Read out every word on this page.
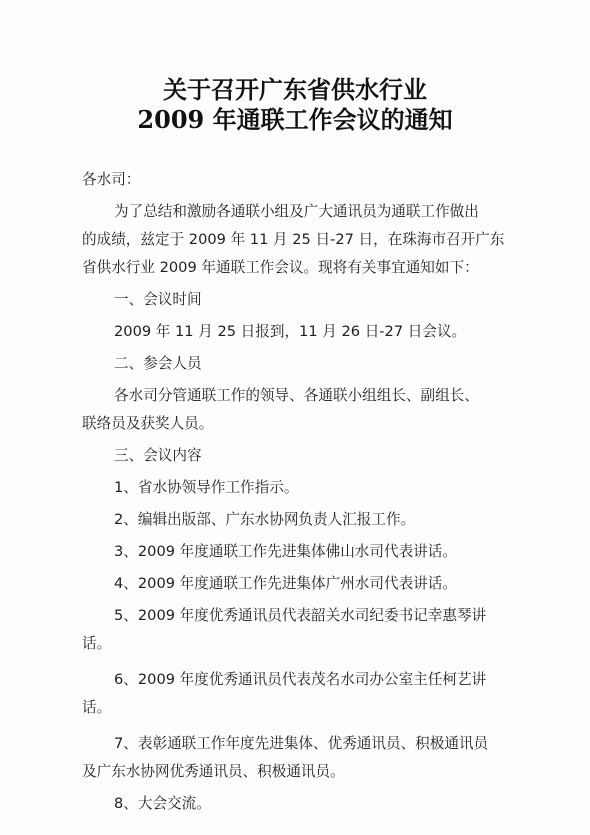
关于召开广东省供水行业
2009 年通联工作会议的通知
各水司：
为了总结和激励各通联小组及广大通讯员为通联工作做出
的成绩，兹定于 2009 年 11 月 25 日-27 日，在珠海市召开广东
省供水行业 2009 年通联工作会议。现将有关事宜通知如下：
一、会议时间
2009 年 11 月 25 日报到，11 月 26 日-27 日会议。
二、参会人员
各水司分管通联工作的领导、各通联小组组长、副组长、
联络员及获奖人员。
三、会议内容
1、省水协领导作工作指示。
2、编辑出版部、广东水协网负责人汇报工作。
3、2009 年度通联工作先进集体佛山水司代表讲话。
4、2009 年度通联工作先进集体广州水司代表讲话。
5、2009 年度优秀通讯员代表韶关水司纪委书记幸惠琴讲
话。
6、2009 年度优秀通讯员代表茂名水司办公室主任柯艺讲
话。
7、表彰通联工作年度先进集体、优秀通讯员、积极通讯员
及广东水协网优秀通讯员、积极通讯员。
8、大会交流。
